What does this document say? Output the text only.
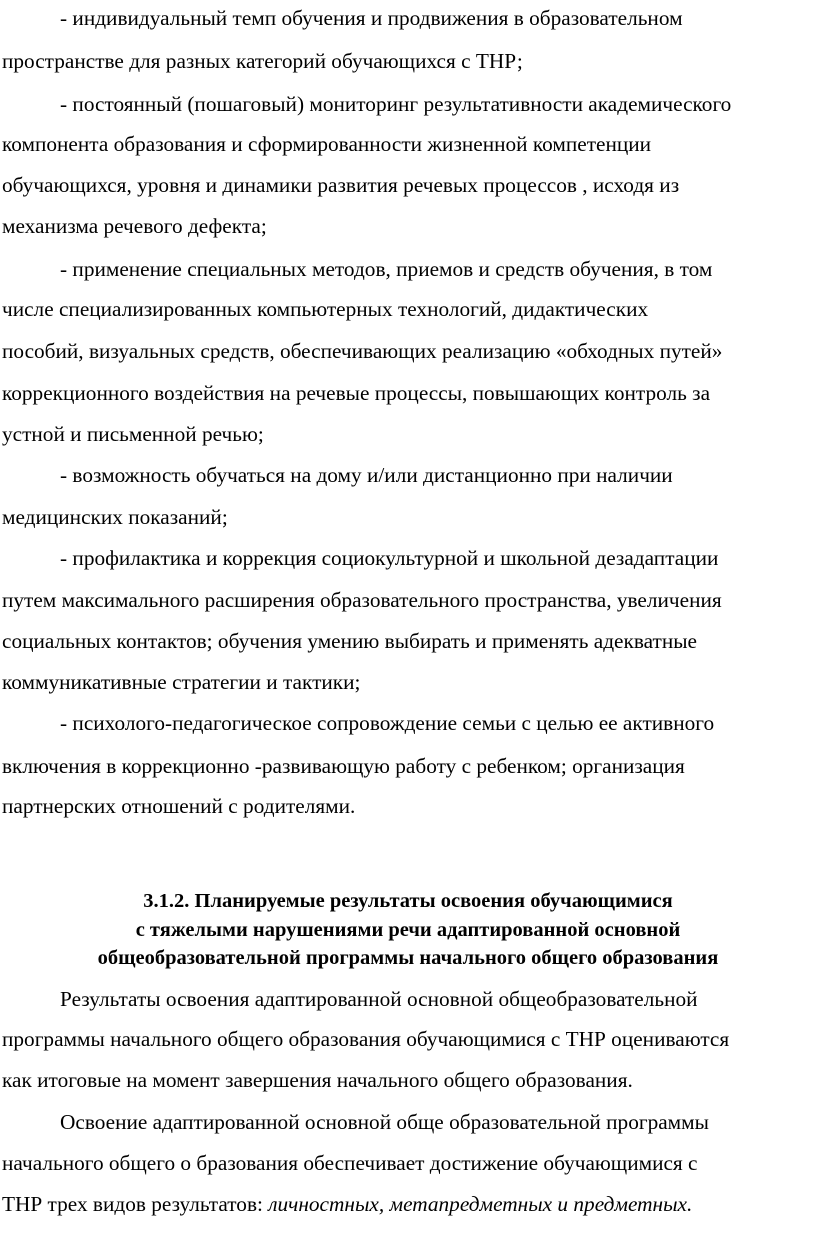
- индивидуальный темп обучения и продвижения в образовательном
пространстве для разных категорий обучающихся с ТНР;
- постоянный (пошаговый) мониторинг результативности академического
компонента образования и сформированности жизненной компетенции
обучающихся, уровня и динамики развития речевых процессов , исходя из
механизма речевого дефекта;
- применение специальных методов, приемов и средств обучения, в том
числе специализированных компьютерных технологий, дидактических
пособий, визуальных средств, обеспечивающих реализацию «обходных путей»
коррекционного воздействия на речевые процессы, повышающих контроль за
устной и письменной речью;
- возможность обучаться на дому и/или дистанционно при наличии
медицинских показаний;
- профилактика и коррекция социокультурной и школьной дезадаптации
путем максимального расширения образовательного пространства, увеличения
социальных контактов; обучения умению выбирать и применять адекватные
коммуникативные стратегии и тактики;
- психолого-педагогическое сопровождение семьи с целью ее активного
включения в коррекционно -развивающую работу с ребенком; организация
партнерских отношений с родителями.
3.1.2. Планируемые результаты освоения обучающимися
с тяжелыми нарушениями речи адаптированной основной
общеобразовательной программы начального общего образования
Результаты освоения адаптированной основной общеобразовательной
программы начального общего образования обучающимися с ТНР оцениваются
как итоговые на момент завершения начального общего образования.
Освоение адаптированной основной обще образовательной программы
начального общего о бразования обеспечивает достижение обучающимися с
ТНР трех видов результатов: личностных, метапредметных и предметных.
